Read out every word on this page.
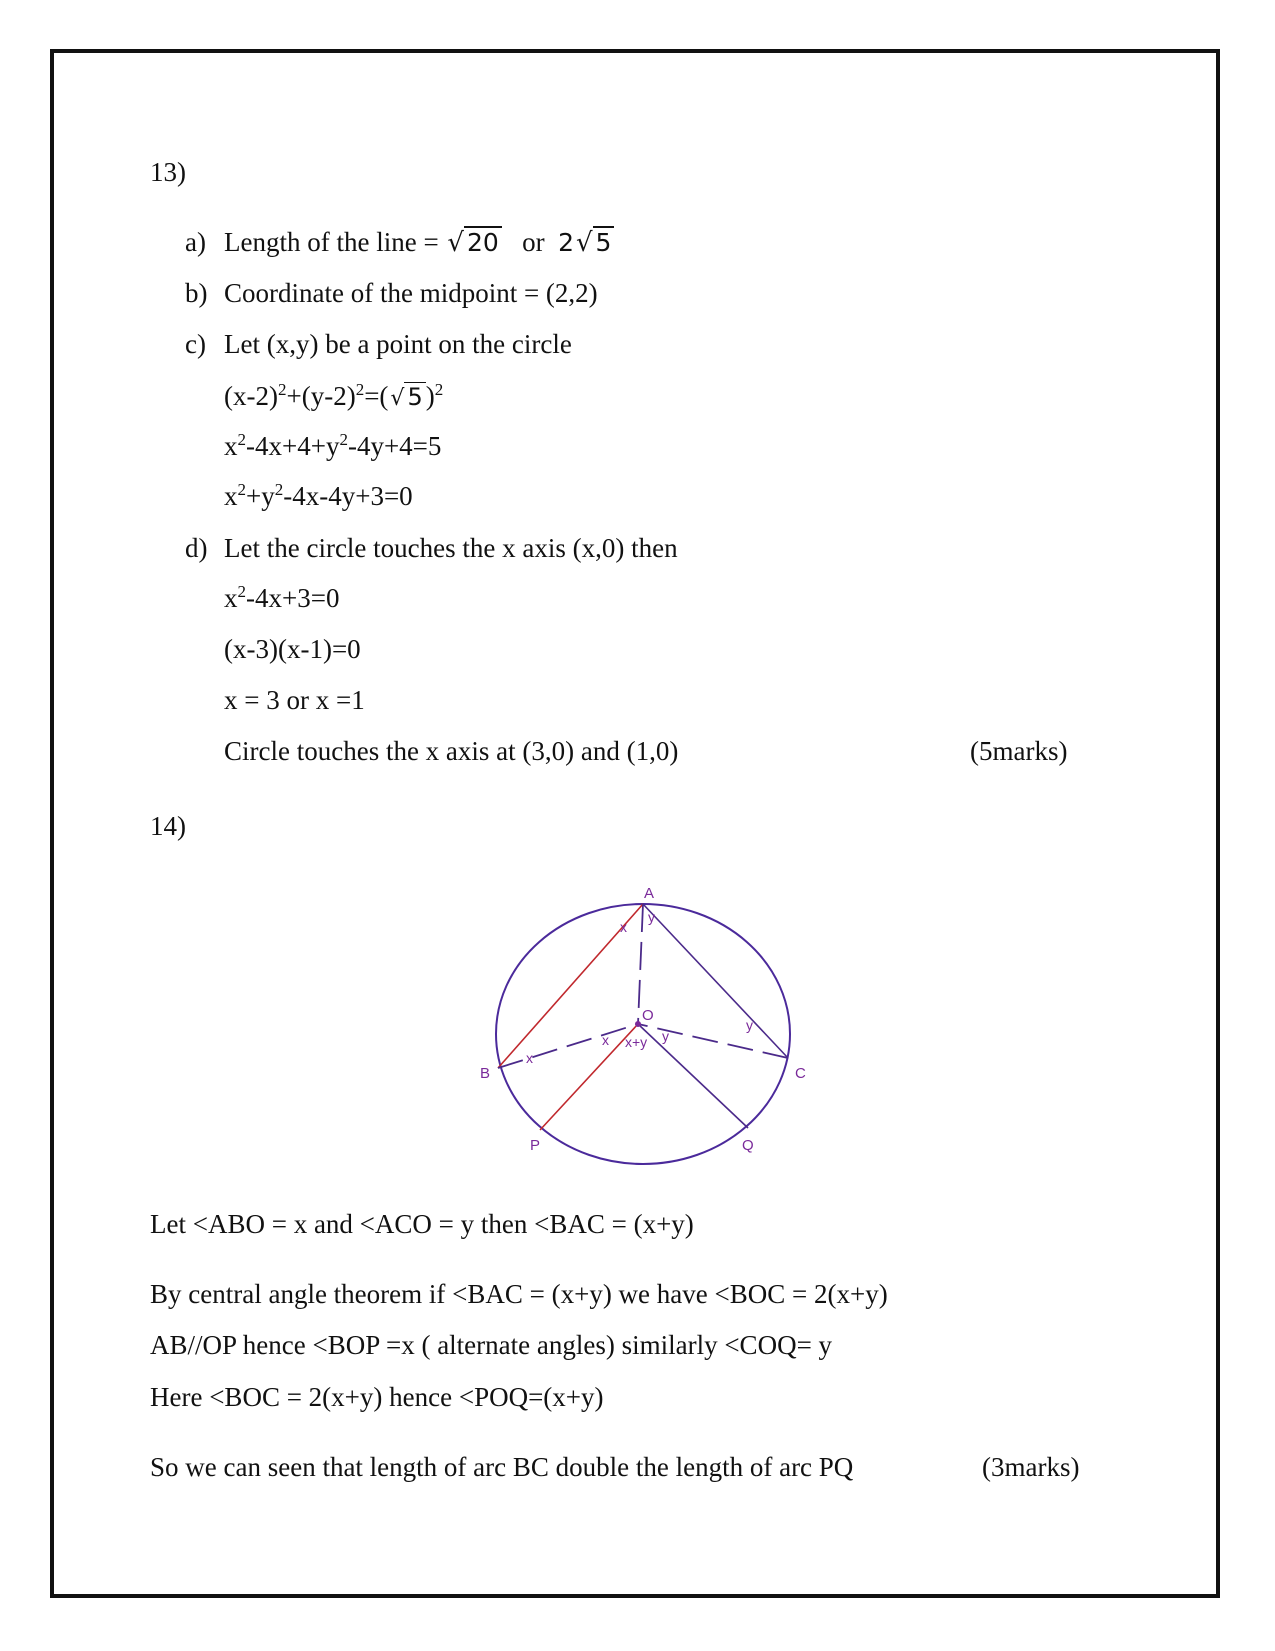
13)
a) Length of the line = √ 20 or 2√ 5
b) Coordinate of the midpoint = (2,2)
c) Let (x,y) be a point on the circle
$(x-2)^2+(y-2)^2=(√$ 5 )$^2$
$x^2-4x+4+y^2-4y+4=5$
$x^2+y^2-4x-4y+3=0$
d) Let the circle touches the x axis (x,0) then
$x^2-4x+3=0$
(x-3)(x-1)=0
x = 3 or x =1
Circle touches the x axis at (3,0) and (1,0)	(5marks)
14)
A
B	C
O
P	Q
x
y
x
x x+y y
y
Let <ABO = x and <ACO = y then <BAC = (x+y)
By central angle theorem if <BAC = (x+y) we have <BOC = 2(x+y)
AB//OP hence <BOP =x ( alternate angles) similarly <COQ= y
Here <BOC = 2(x+y) hence <POQ=(x+y)
So we can seen that length of arc BC double the length of arc PQ	(3marks)
